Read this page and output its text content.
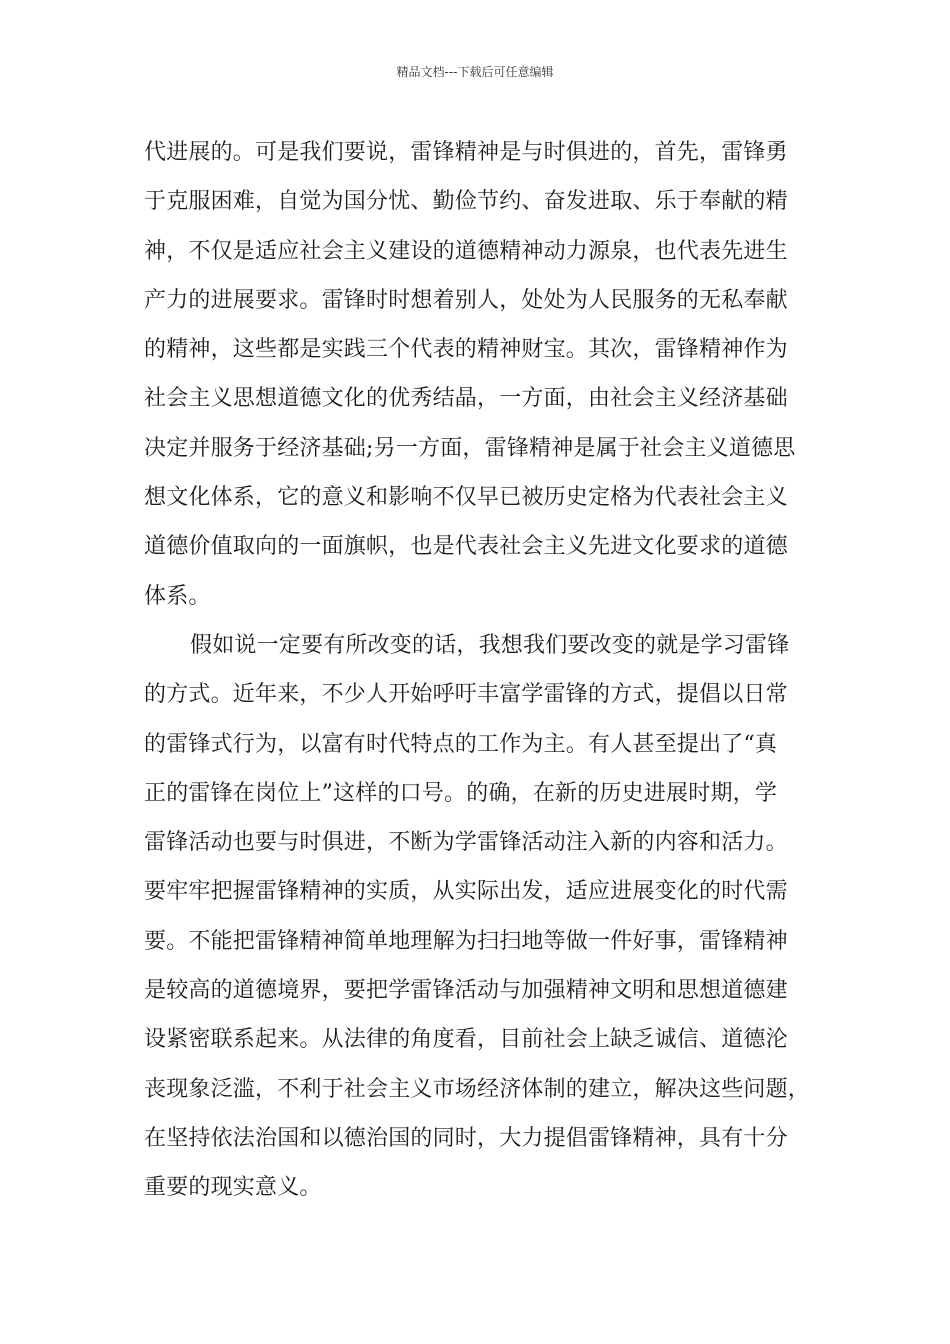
精品文档---下载后可任意编辑
代进展的。可是我们要说，雷锋精神是与时俱进的，首先，雷锋勇
于克服困难，自觉为国分忧、勤俭节约、奋发进取、乐于奉献的精
神，不仅是适应社会主义建设的道德精神动力源泉，也代表先进生
产力的进展要求。雷锋时时想着别人，处处为人民服务的无私奉献
的精神，这些都是实践三个代表的精神财宝。其次，雷锋精神作为
社会主义思想道德文化的优秀结晶，一方面，由社会主义经济基础
决定并服务于经济基础;另一方面，雷锋精神是属于社会主义道德思
想文化体系，它的意义和影响不仅早已被历史定格为代表社会主义
道德价值取向的一面旗帜，也是代表社会主义先进文化要求的道德
体系。
假如说一定要有所改变的话，我想我们要改变的就是学习雷锋
的方式。近年来，不少人开始呼吁丰富学雷锋的方式，提倡以日常
的雷锋式行为，以富有时代特点的工作为主。有人甚至提出了“真
正的雷锋在岗位上”这样的口号。的确，在新的历史进展时期，学
雷锋活动也要与时俱进，不断为学雷锋活动注入新的内容和活力。
要牢牢把握雷锋精神的实质，从实际出发，适应进展变化的时代需
要。不能把雷锋精神简单地理解为扫扫地等做一件好事，雷锋精神
是较高的道德境界，要把学雷锋活动与加强精神文明和思想道德建
设紧密联系起来。从法律的角度看，目前社会上缺乏诚信、道德沦
丧现象泛滥，不利于社会主义市场经济体制的建立，解决这些问题，
在坚持依法治国和以德治国的同时，大力提倡雷锋精神，具有十分
重要的现实意义。
